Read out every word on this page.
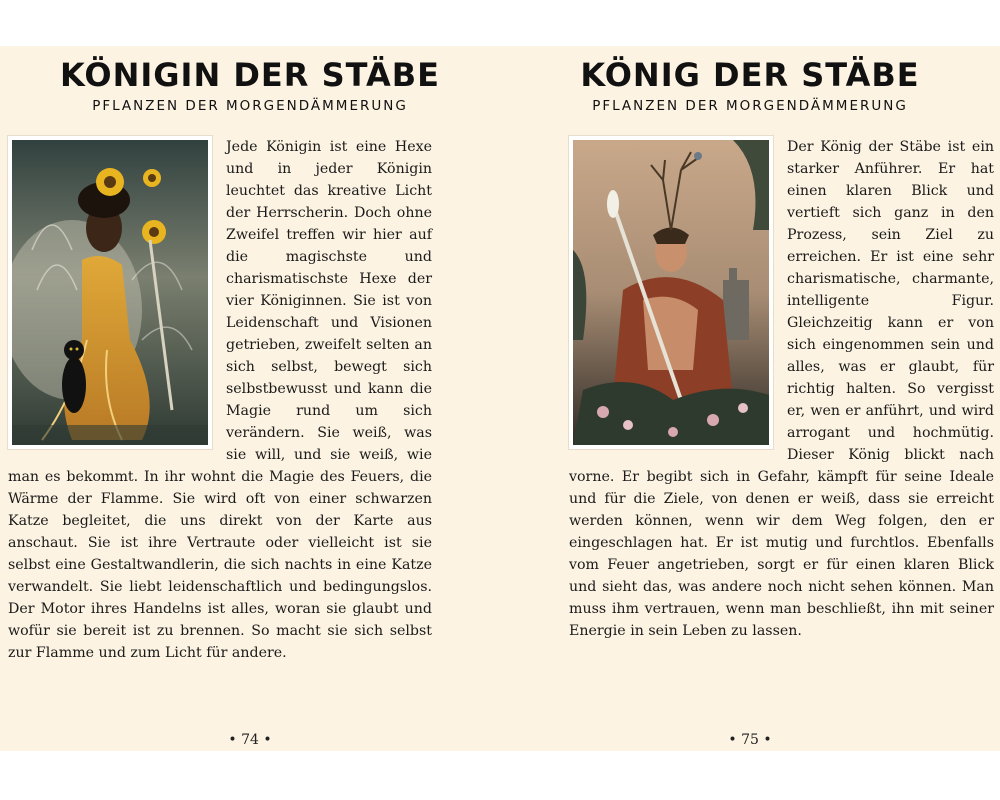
KÖNIGIN DER STÄBE
PFLANZEN DER MORGENDÄMMERUNG

Jede Königin ist eine Hexe und in jeder Königin leuchtet das kreative Licht der Herrscherin. Doch ohne Zweifel treffen wir hier auf die magischste und charismatischste Hexe der vier Königinnen. Sie ist von Leidenschaft und Visionen getrieben, zweifelt selten an sich selbst, bewegt sich selbstbewusst und kann die Magie rund um sich verändern. Sie weiß, was sie will, und sie weiß, wie man es bekommt. In ihr wohnt die Magie des Feuers, die Wärme der Flamme. Sie wird oft von einer schwarzen Katze begleitet, die uns direkt von der Karte aus anschaut. Sie ist ihre Vertraute oder vielleicht ist sie selbst eine Gestaltwandlerin, die sich nachts in eine Katze verwandelt. Sie liebt leidenschaftlich und bedingungslos. Der Motor ihres Handelns ist alles, woran sie glaubt und wofür sie bereit ist zu brennen. So macht sie sich selbst zur Flamme und zum Licht für andere.

• 74 •
KÖNIG DER STÄBE
PFLANZEN DER MORGENDÄMMERUNG

Der König der Stäbe ist ein starker Anführer. Er hat einen klaren Blick und vertieft sich ganz in den Prozess, sein Ziel zu erreichen. Er ist eine sehr charismatische, charmante, intelligente Figur. Gleichzeitig kann er von sich eingenommen sein und alles, was er glaubt, für richtig halten. So vergisst er, wen er anführt, und wird arrogant und hochmütig. Dieser König blickt nach vorne. Er begibt sich in Gefahr, kämpft für seine Ideale und für die Ziele, von denen er weiß, dass sie erreicht werden können, wenn wir dem Weg folgen, den er eingeschlagen hat. Er ist mutig und furchtlos. Ebenfalls vom Feuer angetrieben, sorgt er für einen klaren Blick und sieht das, was andere noch nicht sehen können. Man muss ihm vertrauen, wenn man beschließt, ihn mit seiner Energie in sein Leben zu lassen.

• 75 •
